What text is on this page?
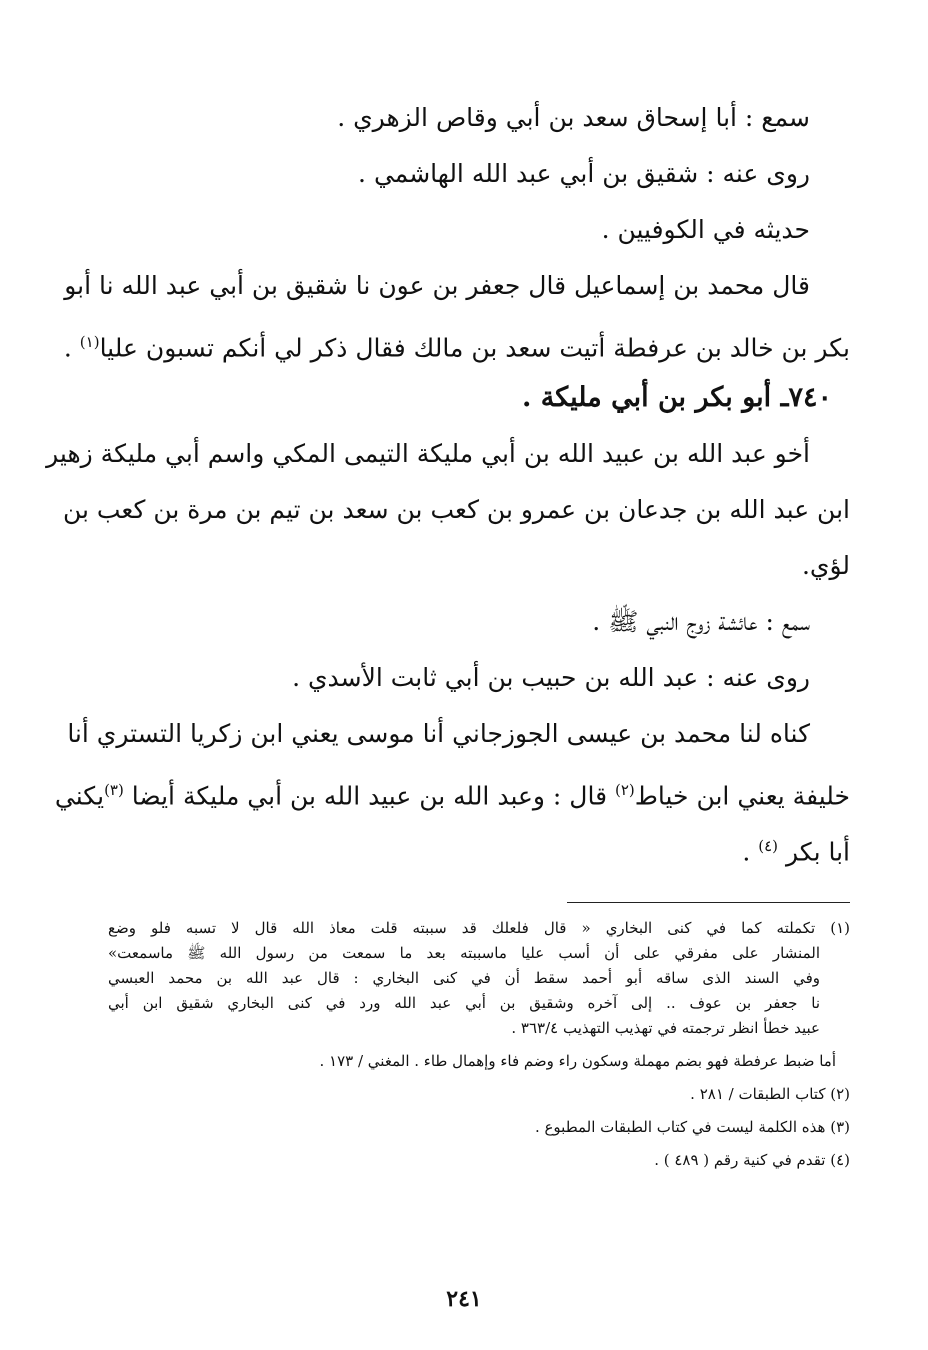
سمع : أبا إسحاق سعد بن أبي وقاص الزهري .
روى عنه : شقيق بن أبي عبد الله الهاشمي .
حديثه في الكوفيين .
قال محمد بن إسماعيل قال جعفر بن عون نا شقيق بن أبي عبد الله نا أبو
بكر بن خالد بن عرفطة أتيت سعد بن مالك فقال ذكر لي أنكم تسبون عليا$^{(١)}$ .
٧٤٠ـ أبو بكر بن أبي مليكة .
أخو عبد الله بن عبيد الله بن أبي مليكة التيمى المكي واسم أبي مليكة زهير
ابن عبد الله بن جدعان بن عمرو بن كعب بن سعد بن تيم بن مرة بن كعب بن
لؤي.
سمع : عائشة زوج النبي ﷺ .
روى عنه : عبد الله بن حبيب بن أبي ثابت الأسدي .
كناه لنا محمد بن عيسى الجوزجاني أنا موسى يعني ابن زكريا التستري أنا
خليفة يعني ابن خياط$^{(٢)}$ قال : وعبد الله بن عبيد الله بن أبي مليكة أيضا $^{(٣)}$يكني
أبا بكر $^{(٤)}$ .
(١) تكملته كما في كنى البخاري « قال فلعلك قد سببته قلت معاذ الله قال لا تسبه فلو وضع
المنشار على مفرقي على أن أسب عليا ماسببته بعد ما سمعت من رسول الله ﷺ ماسمعت»
وفي السند الذى ساقه أبو أحمد سقط أن في كنى البخاري : قال عبد الله بن محمد العبسي
نا جعفر بن عوف .. إلى آخره وشقيق بن أبي عبد الله ورد في كنى البخاري شقيق ابن أبي
عبيد خطأ انظر ترجمته في تهذيب التهذيب ٣٦٣/٤ .
أما ضبط عرفطة فهو بضم مهملة وسكون راء وضم فاء وإهمال طاء . المغني / ١٧٣ .
(٢) كتاب الطبقات / ٢٨١ .
(٣) هذه الكلمة ليست في كتاب الطبقات المطبوع .
(٤) تقدم في كنية رقم ( ٤٨٩ ) .
٢٤١
